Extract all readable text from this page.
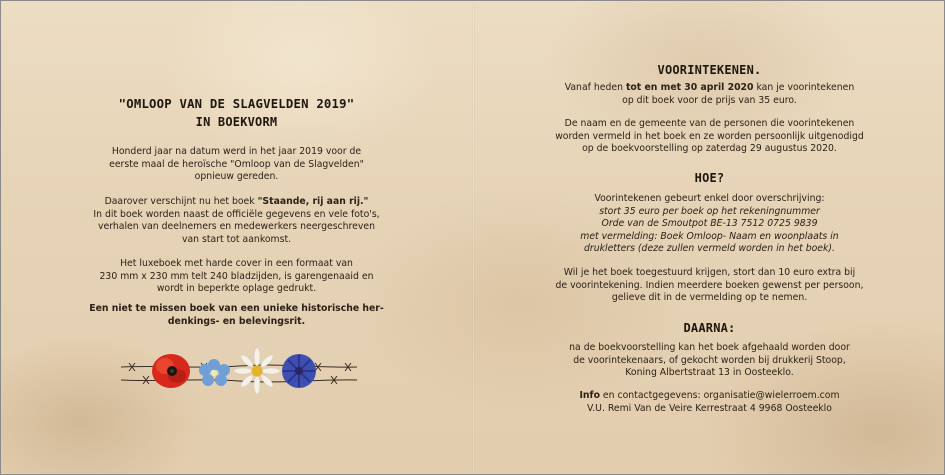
"OMLOOP VAN DE SLAGVELDEN 2019"
IN BOEKVORM
Honderd jaar na datum werd in het jaar 2019 voor de
eerste maal de heroïsche "Omloop van de Slagvelden"
opnieuw gereden.
Daarover verschijnt nu het boek "Staande, rij aan rij."
In dit boek worden naast de officiële gegevens en vele foto's,
verhalen van deelnemers en medewerkers neergeschreven
van start tot aankomst.
Het luxeboek met harde cover in een formaat van
230 mm x 230 mm telt 240 bladzijden, is garengenaaid en
wordt in beperkte oplage gedrukt.
Een niet te missen boek van een unieke historische her-
denkings- en belevingsrit.
VOORINTEKENEN.
Vanaf heden tot en met 30 april 2020 kan je voorintekenen
op dit boek voor de prijs van 35 euro.
De naam en de gemeente van de personen die voorintekenen
worden vermeld in het boek en ze worden persoonlijk uitgenodigd
op de boekvoorstelling op zaterdag 29 augustus 2020.
HOE?
Voorintekenen gebeurt enkel door overschrijving:
stort 35 euro per boek op het rekeningnummer
Orde van de Smoutpot BE-13 7512 0725 9839
met vermelding: Boek Omloop- Naam en woonplaats in
drukletters (deze zullen vermeld worden in het boek).
Wil je het boek toegestuurd krijgen, stort dan 10 euro extra bij
de voorintekening. Indien meerdere boeken gewenst per persoon,
gelieve dit in de vermelding op te nemen.
DAARNA:
na de boekvoorstelling kan het boek afgehaald worden door
de voorintekenaars, of gekocht worden bij drukkerij Stoop,
Koning Albertstraat 13 in Oosteeklo.
Info en contactgegevens: organisatie@wielerroem.com
V.U. Remi Van de Veire Kerrestraat 4 9968 Oosteeklo
